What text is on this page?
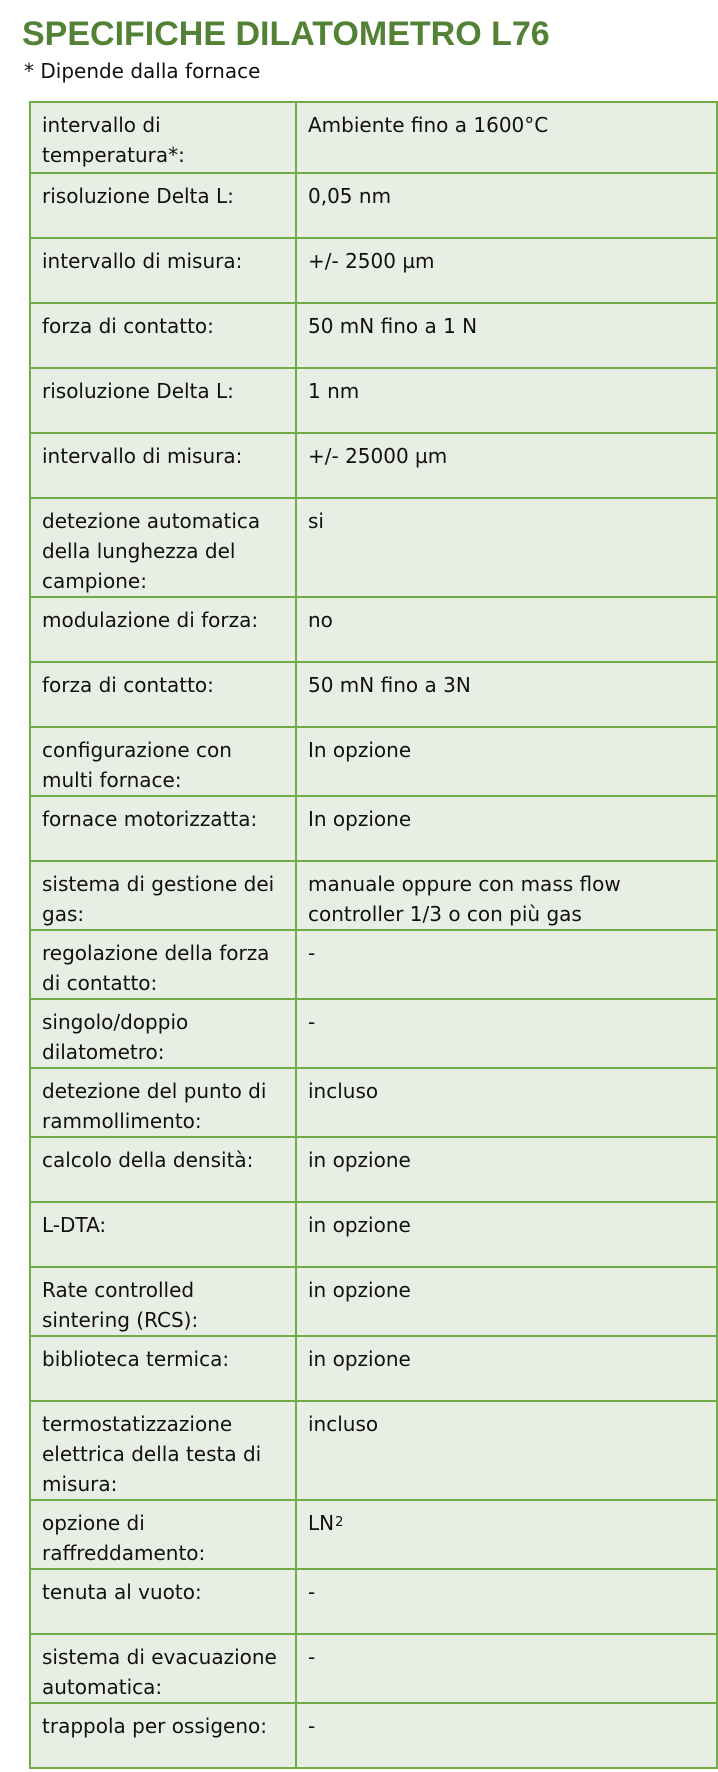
SPECIFICHE DILATOMETRO L76

* Dipende dalla fornace

intervallo di temperatura*:	Ambiente fino a 1600°C
risoluzione Delta L:	0,05 nm
intervallo di misura:	+/- 2500 µm
forza di contatto:	50 mN fino a 1 N
risoluzione Delta L:	1 nm
intervallo di misura:	+/- 25000 µm
detezione automatica della lunghezza del campione:	si
modulazione di forza:	no
forza di contatto:	50 mN fino a 3N
configurazione con multi fornace:	In opzione
fornace motorizzatta:	In opzione
sistema di gestione dei gas:	manuale oppure con mass flow controller 1/3 o con più gas
regolazione della forza di contatto:	-
singolo/doppio dilatometro:	-
detezione del punto di rammollimento:	incluso
calcolo della densità:	in opzione
L-DTA:	in opzione
Rate controlled sintering (RCS):	in opzione
biblioteca termica:	in opzione
termostatizzazione elettrica della testa di misura:	incluso
opzione di raffreddamento:	$LN_2$
tenuta al vuoto:	-
sistema di evacuazione automatica:	-
trappola per ossigeno:	-
